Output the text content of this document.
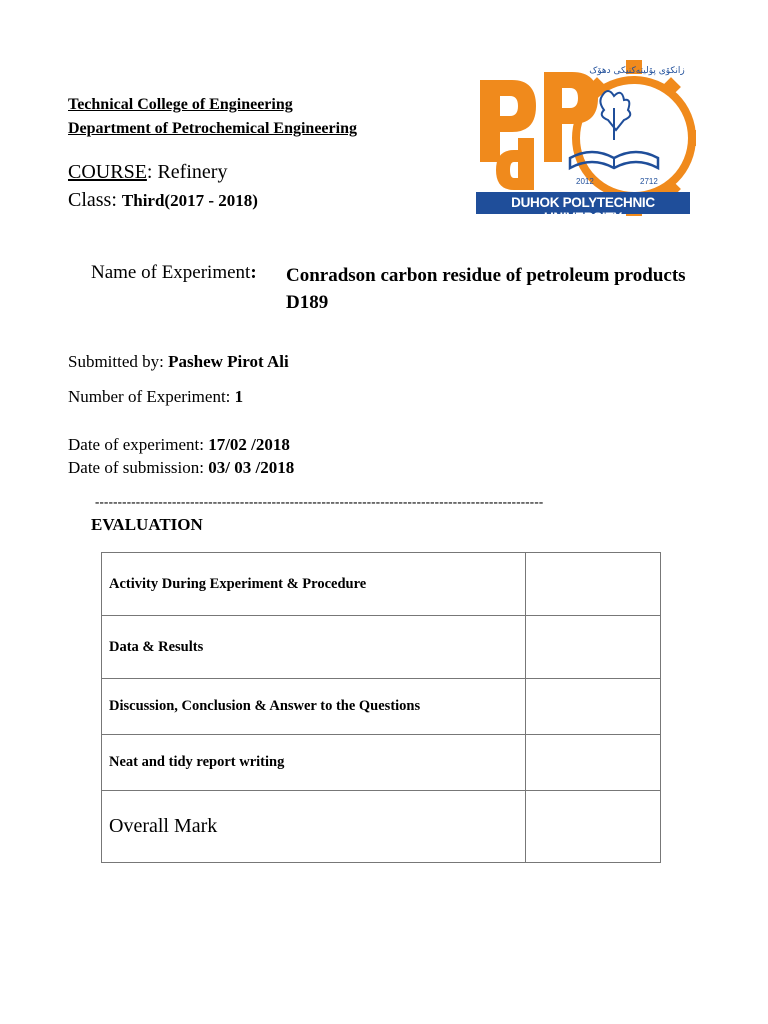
Technical College of Engineering
Department of Petrochemical Engineering
COURSE: Refinery
Class: Third(2017 - 2018)
2012	2712
DUHOK POLYTECHNIC UNIVERSITY
زانکۆی پۆلیتەکنیکی دهۆک
Name of Experiment: Conradson carbon residue of petroleum products D189
Submitted by: Pashew Pirot Ali
Number of Experiment: 1
Date of experiment: 17/02 /2018
Date of submission: 03/ 03 /2018
---------------------------------------------------------------------------------------------------
EVALUATION
Activity During Experiment & Procedure	
Data & Results	
Discussion, Conclusion & Answer to the Questions	
Neat and tidy report writing	
Overall Mark	
